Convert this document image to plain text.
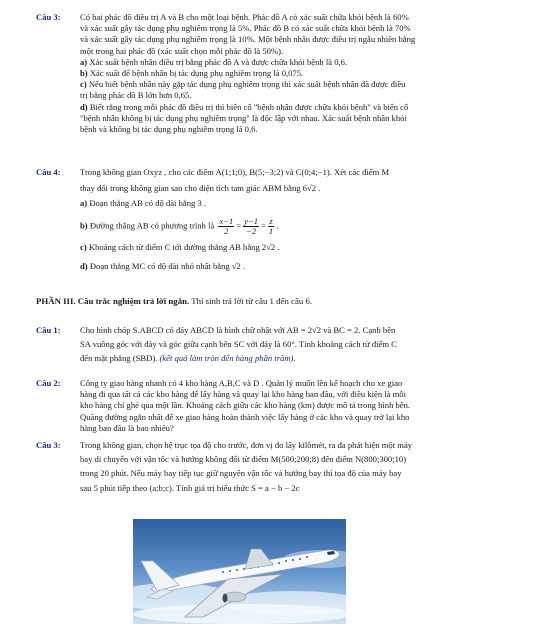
Câu 3: Có hai phác đồ điều trị A và B cho một loại bệnh. Phác đồ A có xác suất chữa khỏi bệnh là 60%

và xác suất gây tác dụng phụ nghiêm trọng là 5%. Phác đồ B có xác suất chữa khỏi bệnh là 70%

và xác suất gây tác dụng phụ nghiêm trọng là 10%. Một bệnh nhân được điều trị ngẫu nhiên bằng

một trong hai phác đồ (xác suất chọn mỗi phác đồ là 50%).

a) Xác suất bệnh nhân điều trị bằng phác đồ A và được chữa khỏi bệnh là 0,6.

b) Xác suất để bệnh nhân bị tác dụng phụ nghiêm trọng là 0,075.

c) Nếu biết bệnh nhân này gặp tác dụng phụ nghiêm trọng thì xác suất bệnh nhân đã được điều

trị bằng phác đồ B lớn hơn 0,65.

d) Biết rằng trong mỗi phác đồ điều trị thì biến cố "bệnh nhân được chữa khỏi bệnh" và biến cố

"bệnh nhân không bị tác dụng phụ nghiêm trọng" là độc lập với nhau. Xác suất bệnh nhân khỏi

bệnh và không bị tác dụng phụ nghiêm trọng là 0,6.

Câu 4: Trong không gian Oxyz , cho các điểm A(1;1;0), B(5;−3;2) và C(0;4;−1). Xét các điểm M

thay đổi trong không gian sao cho diện tích tam giác ABM bằng 6√2 .

a) Đoạn thẳng AB có độ dài bằng 3 .

b) Đường thẳng AB có phương trình là $\frac{x-1}{2} = \frac{y-1}{-2} = \frac{z}{1}$ .

c) Khoảng cách từ điểm C tới đường thẳng AB bằng 2√2 .

d) Đoạn thẳng MC có độ dài nhỏ nhất bằng √2 .

PHẦN III. Câu trắc nghiệm trả lời ngắn. Thí sinh trả lời từ câu 1 đến câu 6.
Câu 1: Cho hình chóp S.ABCD có đáy ABCD là hình chữ nhật với AB = 2√2 và BC = 2. Cạnh bên

SA vuông góc với đáy và góc giữa cạnh bên SC với đáy là 60°. Tính khoảng cách từ điểm C

đến mặt phẳng (SBD). (kết quả làm tròn đến hàng phần trăm).

Câu 2: Công ty giao hàng nhanh có 4 kho hàng A,B,C và D . Quản lý muốn lên kế hoạch cho xe giao

hàng đi qua tất cả các kho hàng để lấy hàng và quay lại kho hàng ban đầu, với điều kiện là mỗi

kho hàng chỉ ghé qua một lần. Khoảng cách giữa các kho hàng (km) được mô tả trong hình bên.

Quãng đường ngắn nhất để xe giao hàng hoàn thành việc lấy hàng ở các kho và quay trở lại kho

hàng ban đầu là bao nhiêu?

Câu 3: Trong không gian, chọn hệ trục tọa độ cho trước, đơn vị đo lấy kilômét, ra đa phát hiện một máy

bay di chuyển với vận tốc và hướng không đổi từ điểm M(500;200;8) đến điểm N(800;300;10)

trong 20 phút. Nếu máy bay tiếp tục giữ nguyên vận tốc và hướng bay thì tọa độ của máy bay

sau 5 phút tiếp theo (a;b;c). Tính giá trị biểu thức S = a − b − 2c
